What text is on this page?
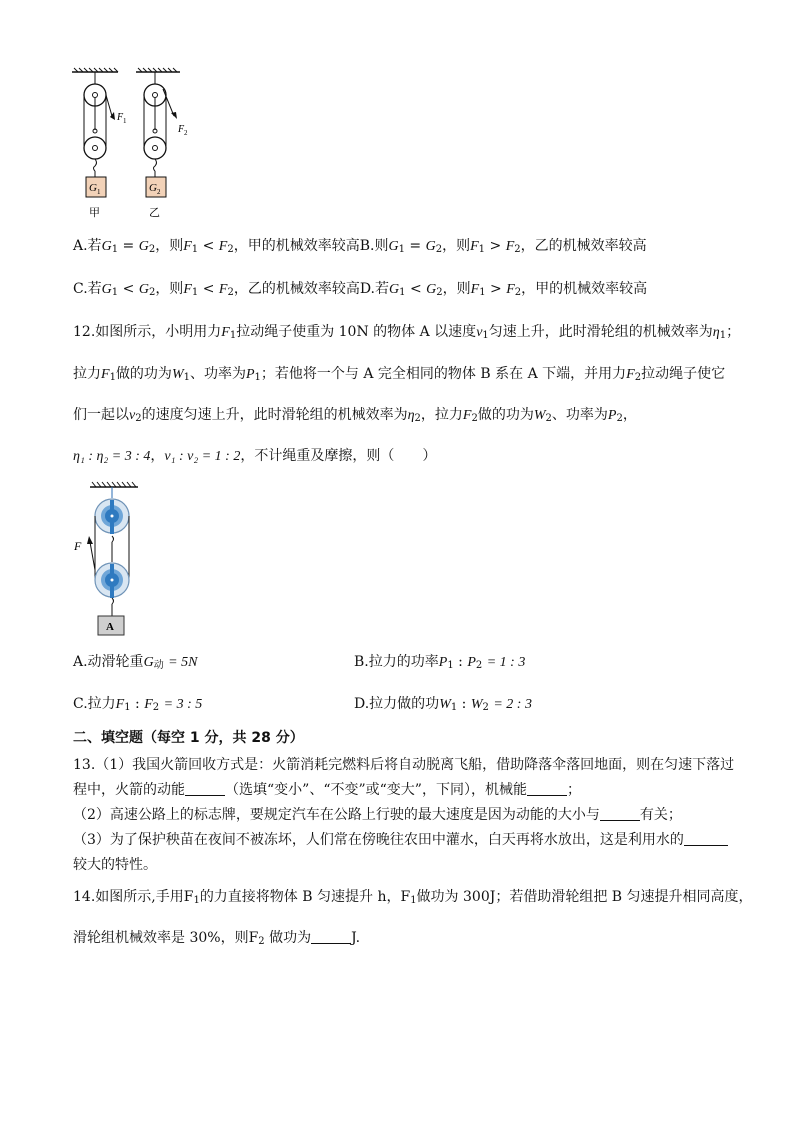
G 1
F 1
甲
G 2
F 2
乙
A.若$G_1 = G_2$，则$F_1 < F_2$，甲的机械效率较高B.则$G_1 = G_2$，则$F_1 > F_2$，乙的机械效率较高
C.若$G_1 < G_2$，则$F_1 < F_2$，乙的机械效率较高D.若$G_1 < G_2$，则$F_1 > F_2$，甲的机械效率较高
12.如图所示，小明用力$F_1$拉动绳子使重为 10N 的物体 A 以速度$v_1$匀速上升，此时滑轮组的机械效率为$\eta_1$；
拉力$F_1$做的功为$W_1$、功率为$P_1$；若他将一个与 A 完全相同的物体 B 系在 A 下端，并用力$F_2$拉动绳子使它
们一起以$v_2$的速度匀速上升，此时滑轮组的机械效率为$\eta_2$，拉力$F_2$做的功为$W_2$、功率为$P_2$，
η₁ : η₂ = 3 : 4，v₁ : v₂ = 1 : 2，不计绳重及摩擦，则（　　）
F
A
A.动滑轮重$G_动 = 5N$	B.拉力的功率$P_1$ : $P_2 = 1$ : 3
C.拉力$F_1$ : $F_2 = 3$ : 5	D.拉力做的功$W_1$ : $W_2 = 2$ : 3
二、填空题（每空 1 分，共 28 分）
13.（1）我国火箭回收方式是：火箭消耗完燃料后将自动脱离飞船，借助降落伞落回地面，则在匀速下落过
程中，火箭的动能	（选填“变小”、“不变”或“变大”，下同），机械能	；
（2）高速公路上的标志牌，要规定汽车在公路上行驶的最大速度是因为动能的大小与	有关；
（3）为了保护秧苗在夜间不被冻坏，人们常在傍晚往农田中灌水，白天再将水放出，这是利用水的
较大的特性。
14.如图所示,手用$F_1$的力直接将物体 B 匀速提升 h，$F_1$做功为 300J；若借助滑轮组把 B 匀速提升相同高度，
滑轮组机械效率是 30%，则$F_2$ 做功为	J.
